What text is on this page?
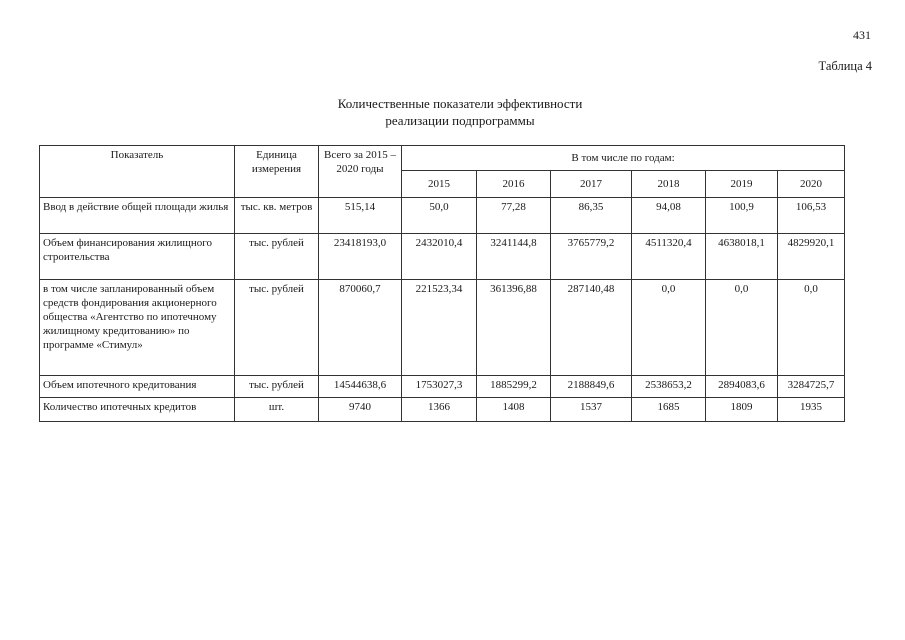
431
Таблица 4
Количественные показатели эффективности
реализации подпрограммы
Показатель	Единица измерения	Всего за 2015 – 2020 годы	В том числе по годам:					
			2015	2016	2017	2018	2019	2020
Ввод в действие общей площади жилья	тыс. кв. метров	515,14	50,0	77,28	86,35	94,08	100,9	106,53
Объем финансирования жилищного строительства	тыс. рублей	23418193,0	2432010,4	3241144,8	3765779,2	4511320,4	4638018,1	4829920,1
в том числе запланированный объем средств фондирования акционерного общества «Агентство по ипотечному жилищному кредитованию» по программе «Стимул»	тыс. рублей	870060,7	221523,34	361396,88	287140,48	0,0	0,0	0,0
Объем ипотечного кредитования	тыс. рублей	14544638,6	1753027,3	1885299,2	2188849,6	2538653,2	2894083,6	3284725,7
Количество ипотечных кредитов	шт.	9740	1366	1408	1537	1685	1809	1935
